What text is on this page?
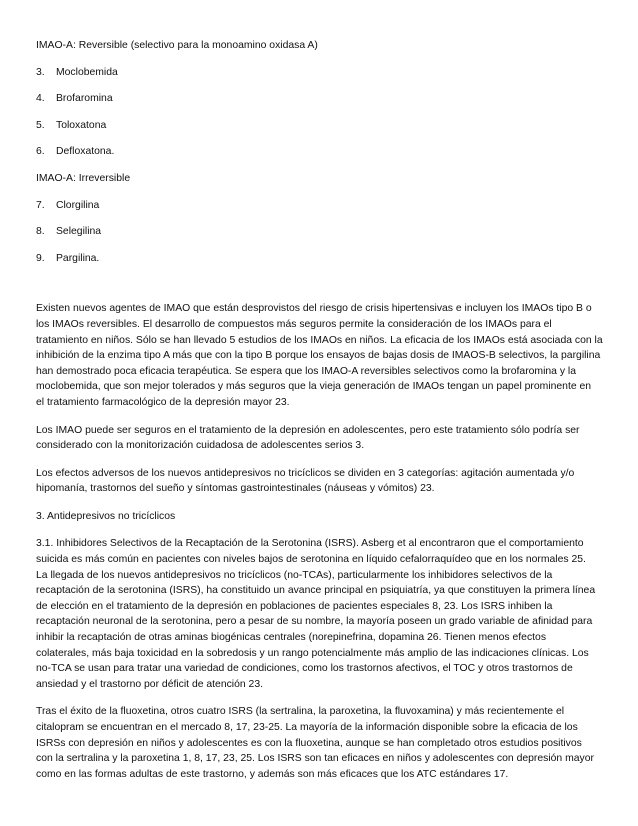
IMAO-A: Reversible (selectivo para la monoamino oxidasa A)

3.	Moclobemida
4.	Brofaromina
5.	Toloxatona
6.	Defloxatona.

IMAO-A: Irreversible

7.	Clorgilina
8.	Selegilina
9.	Pargilina.

Existen nuevos agentes de IMAO que están desprovistos del riesgo de crisis hipertensivas e incluyen los IMAOs tipo B o

los IMAOs reversibles. El desarrollo de compuestos más seguros permite la consideración de los IMAOs para el

tratamiento en niños. Sólo se han llevado 5 estudios de los IMAOs en niños. La eficacia de los IMAOs está asociada con la

inhibición de la enzima tipo A más que con la tipo B porque los ensayos de bajas dosis de IMAOS-B selectivos, la pargilina

han demostrado poca eficacia terapéutica. Se espera que los IMAO-A reversibles selectivos como la brofaromina y la

moclobemida, que son mejor tolerados y más seguros que la vieja generación de IMAOs tengan un papel prominente en

el tratamiento farmacológico de la depresión mayor 23.

Los IMAO puede ser seguros en el tratamiento de la depresión en adolescentes, pero este tratamiento sólo podría ser

considerado con la monitorización cuidadosa de adolescentes serios 3.

Los efectos adversos de los nuevos antidepresivos no tricíclicos se dividen en 3 categorías: agitación aumentada y/o

hipomanía, trastornos del sueño y síntomas gastrointestinales (náuseas y vómitos) 23.

3. Antidepresivos no tricíclicos

3.1. Inhibidores Selectivos de la Recaptación de la Serotonina (ISRS). Asberg et al encontraron que el comportamiento

suicida es más común en pacientes con niveles bajos de serotonina en líquido cefalorraquídeo que en los normales 25.

La llegada de los nuevos antidepresivos no tricíclicos (no-TCAs), particularmente los inhibidores selectivos de la

recaptación de la serotonina (ISRS), ha constituido un avance principal en psiquiatría, ya que constituyen la primera línea

de elección en el tratamiento de la depresión en poblaciones de pacientes especiales 8, 23. Los ISRS inhiben la

recaptación neuronal de la serotonina, pero a pesar de su nombre, la mayoría poseen un grado variable de afinidad para

inhibir la recaptación de otras aminas biogénicas centrales (norepinefrina, dopamina 26. Tienen menos efectos

colaterales, más baja toxicidad en la sobredosis y un rango potencialmente más amplio de las indicaciones clínicas. Los

no-TCA se usan para tratar una variedad de condiciones, como los trastornos afectivos, el TOC y otros trastornos de

ansiedad y el trastorno por déficit de atención 23.

Tras el éxito de la fluoxetina, otros cuatro ISRS (la sertralina, la paroxetina, la fluvoxamina) y más recientemente el

citalopram se encuentran en el mercado 8, 17, 23-25. La mayoría de la información disponible sobre la eficacia de los

ISRSs con depresión en niños y adolescentes es con la fluoxetina, aunque se han completado otros estudios positivos

con la sertralina y la paroxetina 1, 8, 17, 23, 25. Los ISRS son tan eficaces en niños y adolescentes con depresión mayor

como en las formas adultas de este trastorno, y además son más eficaces que los ATC estándares 17.
